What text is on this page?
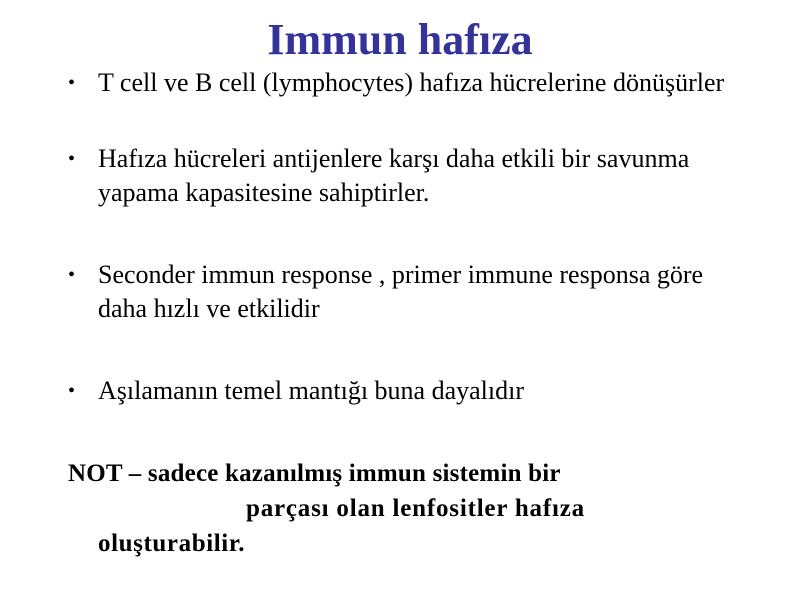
Immun hafıza
• T cell ve B cell (lymphocytes) hafıza hücrelerine dönüşürler
• Hafıza hücreleri antijenlere karşı daha etkili bir savunma yapama kapasitesine sahiptirler.
• Seconder immun response , primer immune responsa göre daha hızlı ve etkilidir
• Aşılamanın temel mantığı buna dayalıdır
NOT – sadece kazanılmış immun sistemin bir
parçası olan lenfositler hafıza
oluşturabilir.
